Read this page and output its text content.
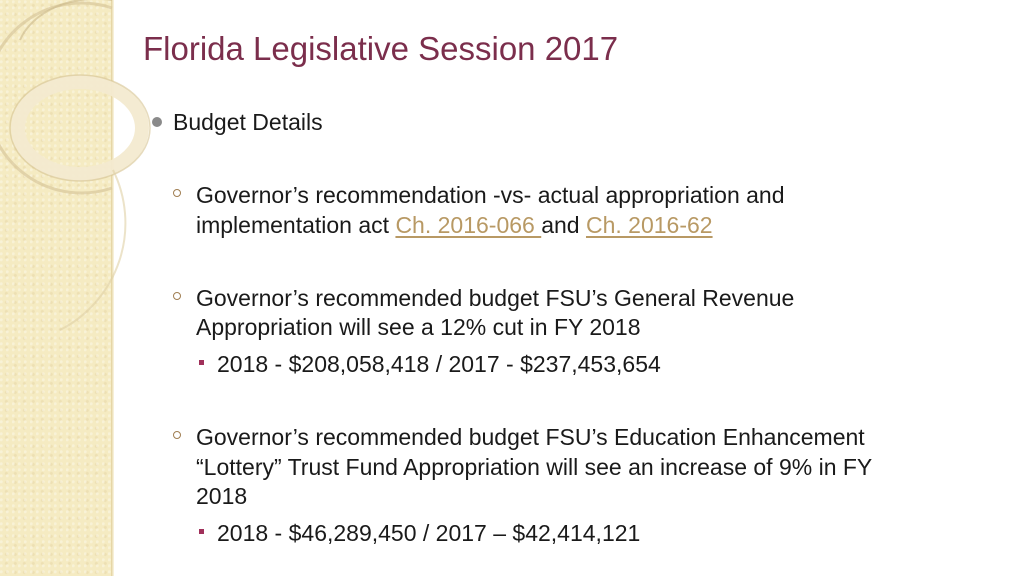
Florida Legislative Session 2017
Budget Details
Governor’s recommendation -vs- actual appropriation and
implementation act Ch. 2016-066 and Ch. 2016-62
Governor’s recommended budget FSU’s General Revenue
Appropriation will see a 12% cut in FY 2018
2018 - $208,058,418 / 2017 - $237,453,654
Governor’s recommended budget FSU’s Education Enhancement
“Lottery” Trust Fund Appropriation will see an increase of 9% in FY
2018
2018 - $46,289,450 / 2017 – $42,414,121
